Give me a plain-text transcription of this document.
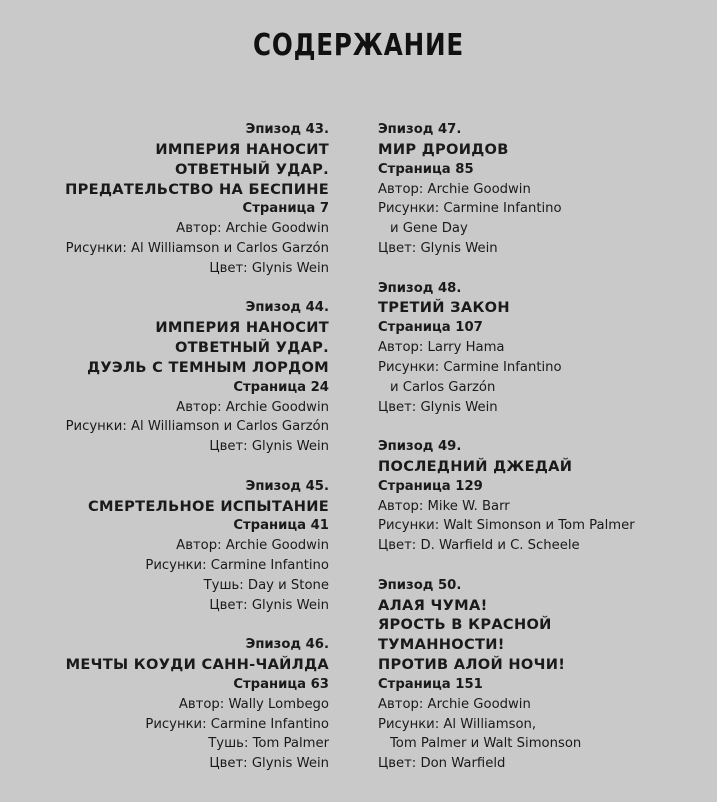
СОДЕРЖАНИЕ
Эпизод 43.
ИМПЕРИЯ НАНОСИТ
ОТВЕТНЫЙ УДАР.
ПРЕДАТЕЛЬСТВО НА БЕСПИНЕ
Страница 7
Автор: Archie Goodwin
Рисунки: Al Williamson и Carlos Garzón
Цвет: Glynis Wein
Эпизод 44.
ИМПЕРИЯ НАНОСИТ
ОТВЕТНЫЙ УДАР.
ДУЭЛЬ С ТЕМНЫМ ЛОРДОМ
Страница 24
Автор: Archie Goodwin
Рисунки: Al Williamson и Carlos Garzón
Цвет: Glynis Wein
Эпизод 45.
СМЕРТЕЛЬНОЕ ИСПЫТАНИЕ
Страница 41
Автор: Archie Goodwin
Рисунки: Carmine Infantino
Тушь: Day и Stone
Цвет: Glynis Wein
Эпизод 46.
МЕЧТЫ КОУДИ САНН-ЧАЙЛДА
Страница 63
Автор: Wally Lombego
Рисунки: Carmine Infantino
Тушь: Tom Palmer
Цвет: Glynis Wein
Эпизод 47.
МИР ДРОИДОВ
Страница 85
Автор: Archie Goodwin
Рисунки: Carmine Infantino
и Gene Day
Цвет: Glynis Wein
Эпизод 48.
ТРЕТИЙ ЗАКОН
Страница 107
Автор: Larry Hama
Рисунки: Carmine Infantino
и Carlos Garzón
Цвет: Glynis Wein
Эпизод 49.
ПОСЛЕДНИЙ ДЖЕДАЙ
Страница 129
Автор: Mike W. Barr
Рисунки: Walt Simonson и Tom Palmer
Цвет: D. Warfield и C. Scheele
Эпизод 50.
АЛАЯ ЧУМА!
ЯРОСТЬ В КРАСНОЙ
ТУМАННОСТИ!
ПРОТИВ АЛОЙ НОЧИ!
Страница 151
Автор: Archie Goodwin
Рисунки: Al Williamson,
Tom Palmer и Walt Simonson
Цвет: Don Warfield
